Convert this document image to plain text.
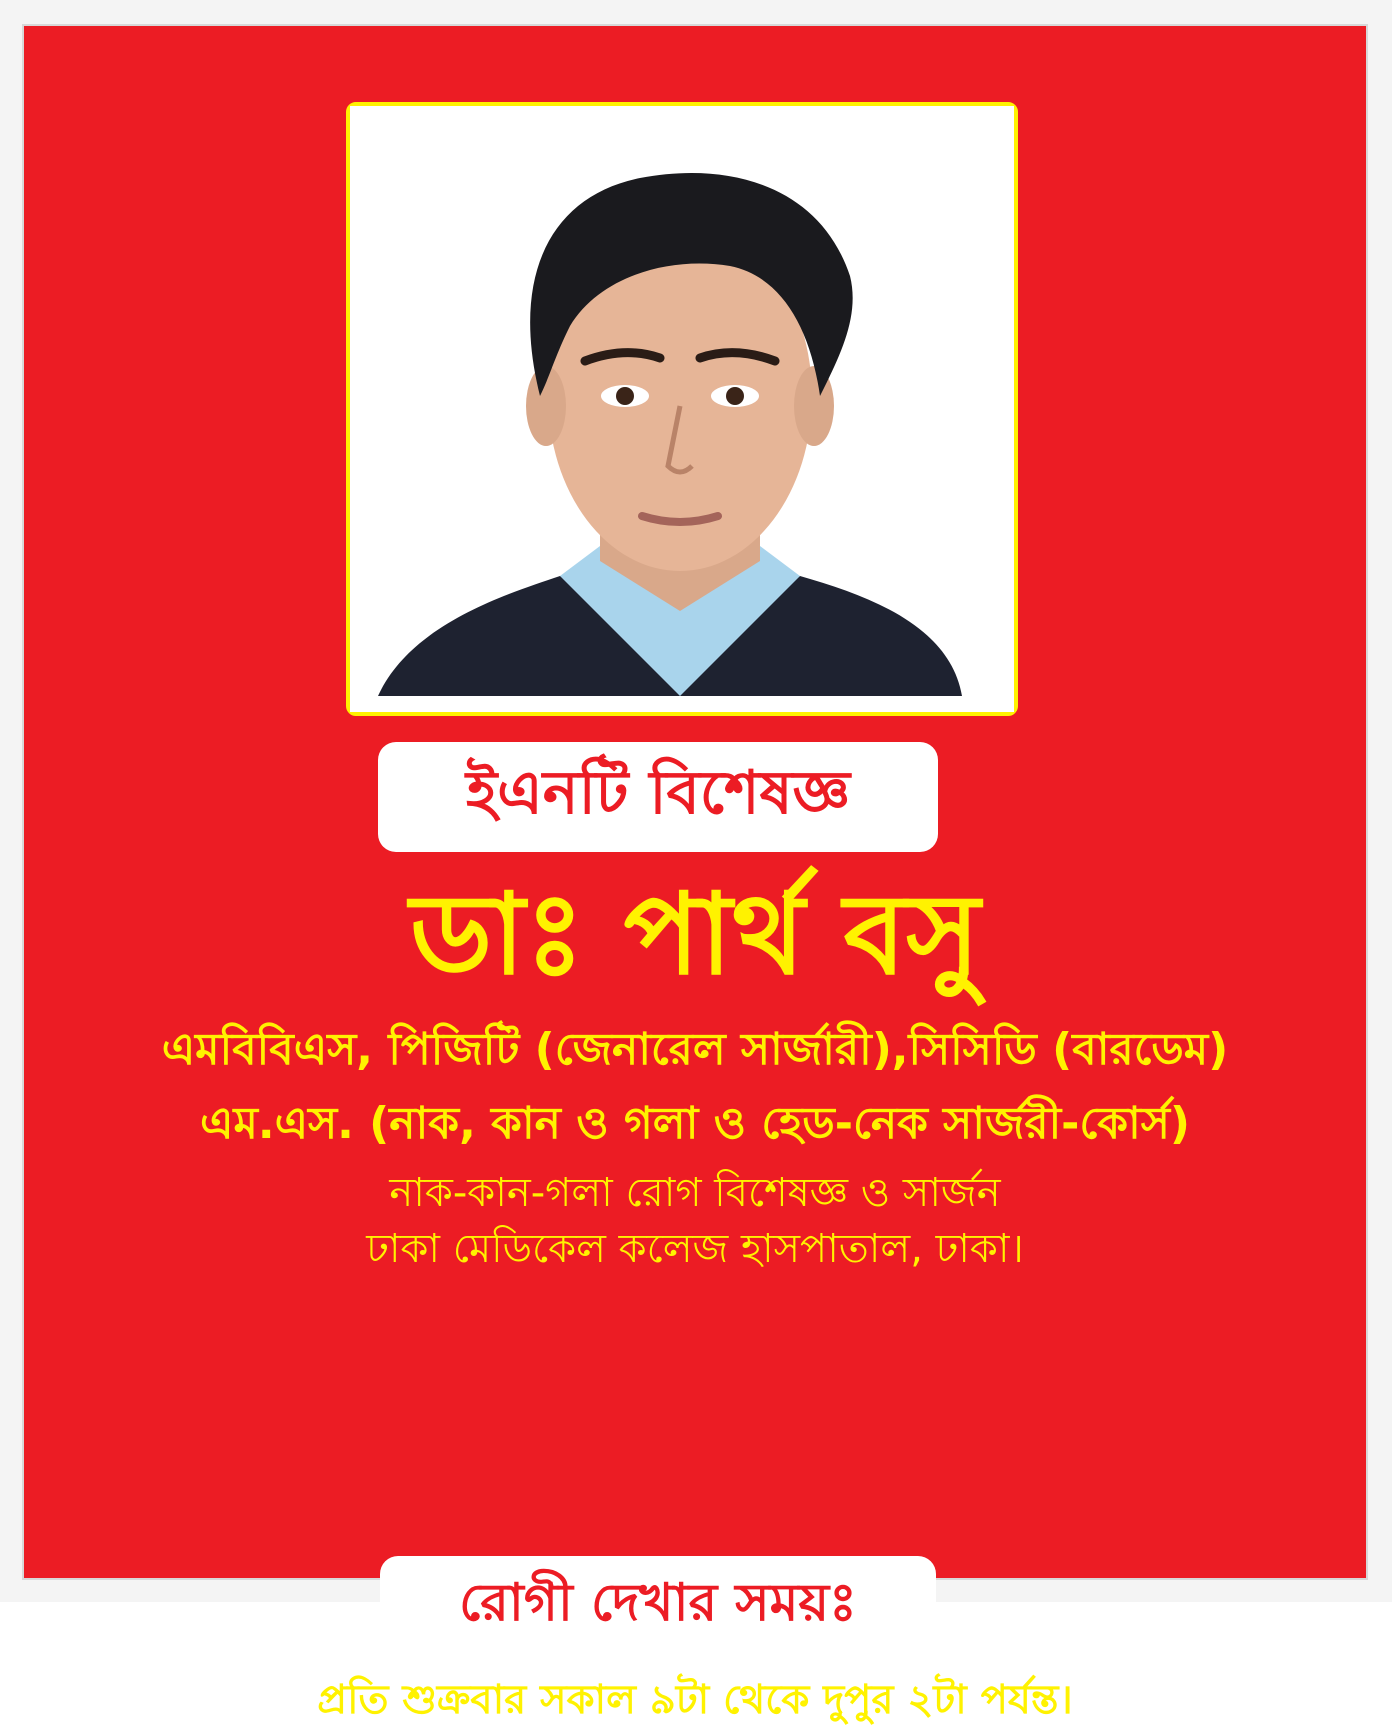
ইএনটি বিশেষজ্ঞ
ডাঃ পার্থ বসু
এমবিবিএস, পিজিটি (জেনারেল সার্জারী),সিসিডি (বারডেম)
এম.এস. (নাক, কান ও গলা ও হেড-নেক সার্জরী-কোর্স)
নাক-কান-গলা রোগ বিশেষজ্ঞ ও সার্জন
ঢাকা মেডিকেল কলেজ হাসপাতাল, ঢাকা।
রোগী দেখার সময়ঃ
প্রতি শুক্রবার সকাল ৯টা থেকে দুপুর ২টা পর্যন্ত।
